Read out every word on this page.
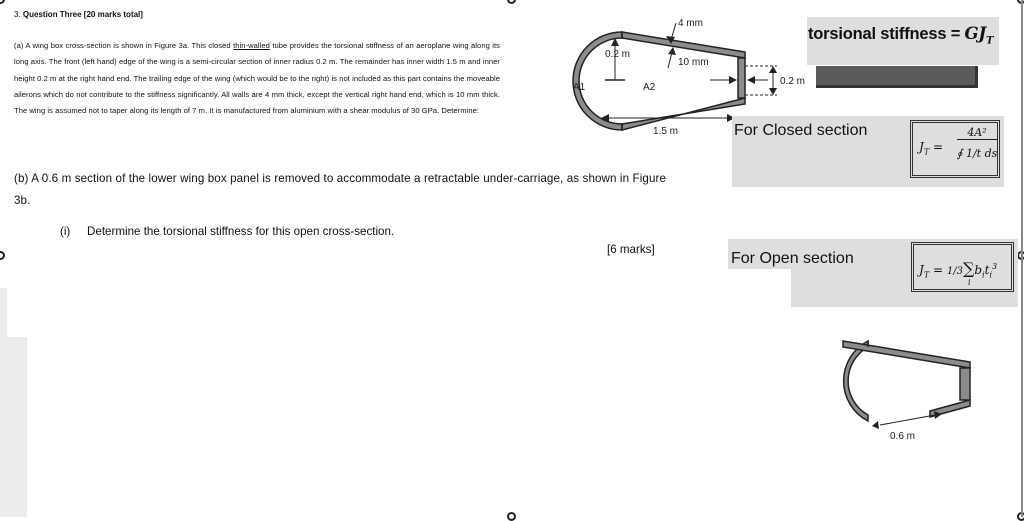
3. Question Three [20 marks total]
(a) A wing box cross-section is shown in Figure 3a. This closed thin-walled tube provides the torsional stiffness of an aeroplane wing along its long axis. The front (left hand) edge of the wing is a semi-circular section of inner radius 0.2 m. The remainder has inner width 1.5 m and inner height 0.2 m at the right hand end. The trailing edge of the wing (which would be to the right) is not included as this part contains the moveable ailerons which do not contribute to the stiffness significantly. All walls are 4 mm thick, except the vertical right hand end, which is 10 mm thick. The wing is assumed not to taper along its length of 7 m. It is manufactured from aluminium with a shear modulus of 30 GPa. Determine:
(b) A 0.6 m section of the lower wing box panel is removed to accommodate a retractable under-carriage, as shown in Figure 3b.
(i) Determine the torsional stiffness for this open cross-section.
[6 marks]
4 mm
0.2 m
10 mm
0.2 m
1.5 m
A1	A2
torsional stiffness = $GJ_T$
For Closed section
$J_T$ =
4A²
∮ 1/t ds
For Open section
$J_T = 1/3\sum b_it_i^3$
i
0.6 m
